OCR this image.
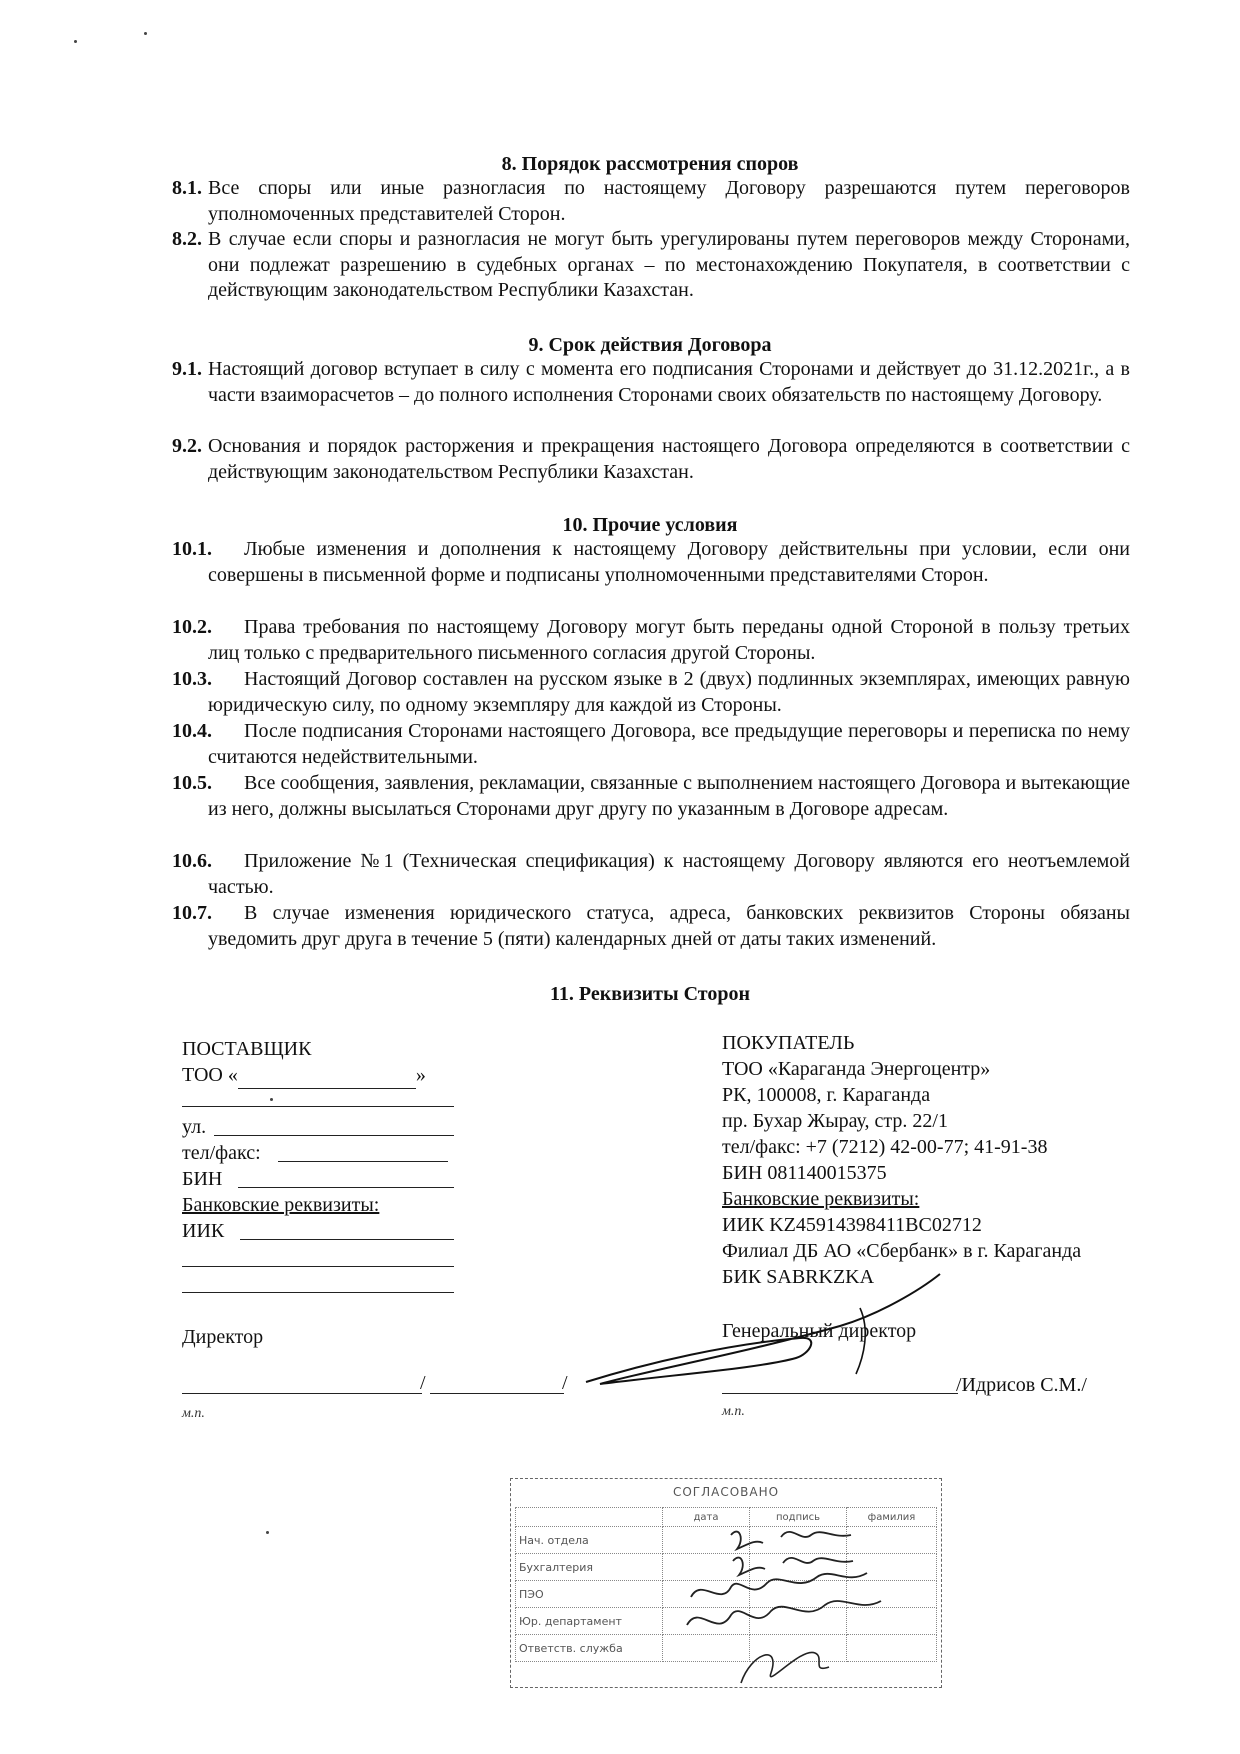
8. Порядок рассмотрения споров
8.1. Все споры или иные разногласия по настоящему Договору разрешаются путем переговоров уполномоченных представителей Сторон.
8.2. В случае если споры и разногласия не могут быть урегулированы путем переговоров между Сторонами, они подлежат разрешению в судебных органах – по местонахождению Покупателя, в соответствии с действующим законодательством Республики Казахстан.
9. Срок действия Договора
9.1. Настоящий договор вступает в силу с момента его подписания Сторонами и действует до 31.12.2021г., а в части взаиморасчетов – до полного исполнения Сторонами своих обязательств по настоящему Договору.
9.2. Основания и порядок расторжения и прекращения настоящего Договора определяются в соответствии с действующим законодательством Республики Казахстан.
10. Прочие условия
10.1.	Любые изменения и дополнения к настоящему Договору действительны при условии, если они совершены в письменной форме и подписаны уполномоченными представителями Сторон.
10.2.	Права требования по настоящему Договору могут быть переданы одной Стороной в пользу третьих лиц только с предварительного письменного согласия другой Стороны.
10.3.	Настоящий Договор составлен на русском языке в 2 (двух) подлинных экземплярах, имеющих равную юридическую силу, по одному экземпляру для каждой из Стороны.
10.4.	После подписания Сторонами настоящего Договора, все предыдущие переговоры и переписка по нему считаются недействительными.
10.5.	Все сообщения, заявления, рекламации, связанные с выполнением настоящего Договора и вытекающие из него, должны высылаться Сторонами друг другу по указанным в Договоре адресам.
10.6.	Приложение №1 (Техническая спецификация) к настоящему Договору являются его неотъемлемой частью.
10.7.	В случае изменения юридического статуса, адреса, банковских реквизитов Стороны обязаны уведомить друг друга в течение 5 (пяти) календарных дней от даты таких изменений.
11. Реквизиты Сторон
ПОСТАВЩИК
ТОО «	»
ул.
тел/факс:
БИН
Банковские реквизиты:
ИИК
Директор
/	/
м.п.
ПОКУПАТЕЛЬ
ТОО «Караганда Энергоцентр»
РК, 100008, г. Караганда
пр. Бухар Жырау, стр. 22/1
тел/факс: +7 (7212) 42-00-77; 41-91-38
БИН 081140015375
Банковские реквизиты:
ИИК KZ45914398411BC02712
Филиал ДБ АО «Сбербанк» в г. Караганда
БИК SABRKZKA
Генеральный директор
/Идрисов С.М./
м.п.
СОГЛАСОВАНО
	дата	подпись	фамилия
Нач. отдела			
Бухгалтерия			
ПЭО			
Юр. департамент			
Ответств. служба			
